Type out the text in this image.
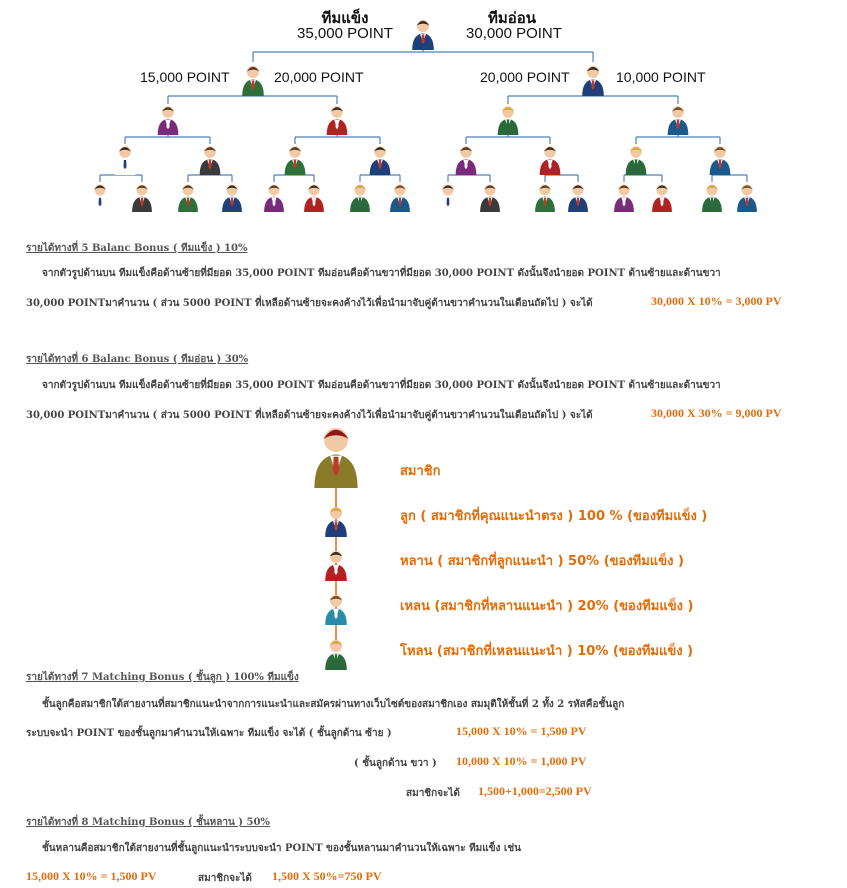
ทีมแข็ง
35,000 POINT
ทีมอ่อน
30,000 POINT
15,000 POINT	20,000 POINT	20,000 POINT	10,000 POINT
รายได้ทางที่ 5 Balanc Bonus ( ทีมแข็ง ) 10%
จากตัวรูปด้านบน ทีมแข็งคือด้านซ้ายที่มียอด 35,000 POINT ทีมอ่อนคือด้านขวาที่มียอด 30,000 POINT ดังนั้นจึงนำยอด POINT ด้านซ้ายและด้านขวา
30,000 POINTมาคำนวน ( ส่วน 5000 POINT ที่เหลือด้านซ้ายจะคงค้างไว้เพื่อนำมาจับคู่ด้านขวาคำนวนในเดือนถัดไป ) จะได้	30,000 X 10% = 3,000 PV
รายได้ทางที่ 6 Balanc Bonus ( ทีมอ่อน ) 30%
จากตัวรูปด้านบน ทีมแข็งคือด้านซ้ายที่มียอด 35,000 POINT ทีมอ่อนคือด้านขวาที่มียอด 30,000 POINT ดังนั้นจึงนำยอด POINT ด้านซ้ายและด้านขวา
30,000 POINTมาคำนวน ( ส่วน 5000 POINT ที่เหลือด้านซ้ายจะคงค้างไว้เพื่อนำมาจับคู่ด้านขวาคำนวนในเดือนถัดไป ) จะได้	30,000 X 30% = 9,000 PV
สมาชิก
ลูก ( สมาชิกที่คุณแนะนำตรง ) 100 % (ของทีมแข็ง )
หลาน ( สมาชิกที่ลูกแนะนำ ) 50% (ของทีมแข็ง )
เหลน (สมาชิกที่หลานแนะนำ ) 20% (ของทีมแข็ง )
โหลน (สมาชิกที่เหลนแนะนำ ) 10% (ของทีมแข็ง )
รายได้ทางที่ 7 Matching Bonus ( ชั้นลูก ) 100% ทีมแข็ง
ชั้นลูกคือสมาชิกใต้สายงานที่สมาชิกแนะนำจากการแนะนำและสมัครผ่านทางเว็บไซต์ของสมาชิกเอง สมมุติให้ชั้นที่ 2 ทั้ง 2 รหัสคือชั้นลูก
ระบบจะนำ POINT ของชั้นลูกมาคำนวนให้เฉพาะ ทีมแข็ง จะได้ ( ชั้นลูกด้าน ซ้าย )	15,000 X 10% = 1,500 PV
( ชั้นลูกด้าน ขวา ) 10,000 X 10% = 1,000 PV
สมาชิกจะได้ 1,500+1,000=2,500 PV
รายได้ทางที่ 8 Matching Bonus ( ชั้นหลาน ) 50%
ชั้นหลานคือสมาชิกใต้สายงานที่ชั้นลูกแนะนำระบบจะนำ POINT ของชั้นหลานมาคำนวนให้เฉพาะ ทีมแข็ง เช่น
15,000 X 10% = 1,500 PV	สมาชิกจะได้ 1,500 X 50%=750 PV
